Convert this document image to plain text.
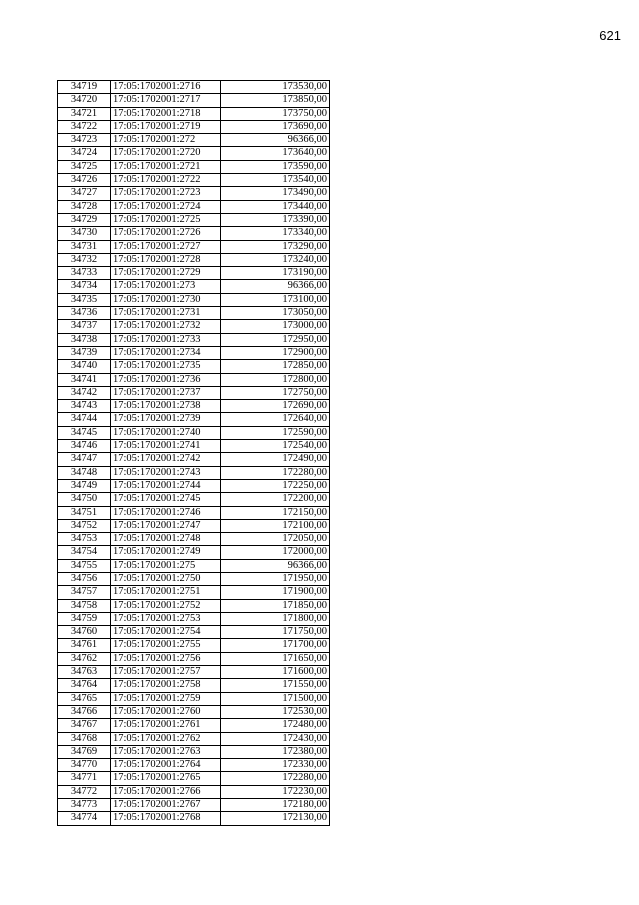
621
34719	17:05:1702001:2716	173530,00
34720	17:05:1702001:2717	173850,00
34721	17:05:1702001:2718	173750,00
34722	17:05:1702001:2719	173690,00
34723	17:05:1702001:272	96366,00
34724	17:05:1702001:2720	173640,00
34725	17:05:1702001:2721	173590,00
34726	17:05:1702001:2722	173540,00
34727	17:05:1702001:2723	173490,00
34728	17:05:1702001:2724	173440,00
34729	17:05:1702001:2725	173390,00
34730	17:05:1702001:2726	173340,00
34731	17:05:1702001:2727	173290,00
34732	17:05:1702001:2728	173240,00
34733	17:05:1702001:2729	173190,00
34734	17:05:1702001:273	96366,00
34735	17:05:1702001:2730	173100,00
34736	17:05:1702001:2731	173050,00
34737	17:05:1702001:2732	173000,00
34738	17:05:1702001:2733	172950,00
34739	17:05:1702001:2734	172900,00
34740	17:05:1702001:2735	172850,00
34741	17:05:1702001:2736	172800,00
34742	17:05:1702001:2737	172750,00
34743	17:05:1702001:2738	172690,00
34744	17:05:1702001:2739	172640,00
34745	17:05:1702001:2740	172590,00
34746	17:05:1702001:2741	172540,00
34747	17:05:1702001:2742	172490,00
34748	17:05:1702001:2743	172280,00
34749	17:05:1702001:2744	172250,00
34750	17:05:1702001:2745	172200,00
34751	17:05:1702001:2746	172150,00
34752	17:05:1702001:2747	172100,00
34753	17:05:1702001:2748	172050,00
34754	17:05:1702001:2749	172000,00
34755	17:05:1702001:275	96366,00
34756	17:05:1702001:2750	171950,00
34757	17:05:1702001:2751	171900,00
34758	17:05:1702001:2752	171850,00
34759	17:05:1702001:2753	171800,00
34760	17:05:1702001:2754	171750,00
34761	17:05:1702001:2755	171700,00
34762	17:05:1702001:2756	171650,00
34763	17:05:1702001:2757	171600,00
34764	17:05:1702001:2758	171550,00
34765	17:05:1702001:2759	171500,00
34766	17:05:1702001:2760	172530,00
34767	17:05:1702001:2761	172480,00
34768	17:05:1702001:2762	172430,00
34769	17:05:1702001:2763	172380,00
34770	17:05:1702001:2764	172330,00
34771	17:05:1702001:2765	172280,00
34772	17:05:1702001:2766	172230,00
34773	17:05:1702001:2767	172180,00
34774	17:05:1702001:2768	172130,00
